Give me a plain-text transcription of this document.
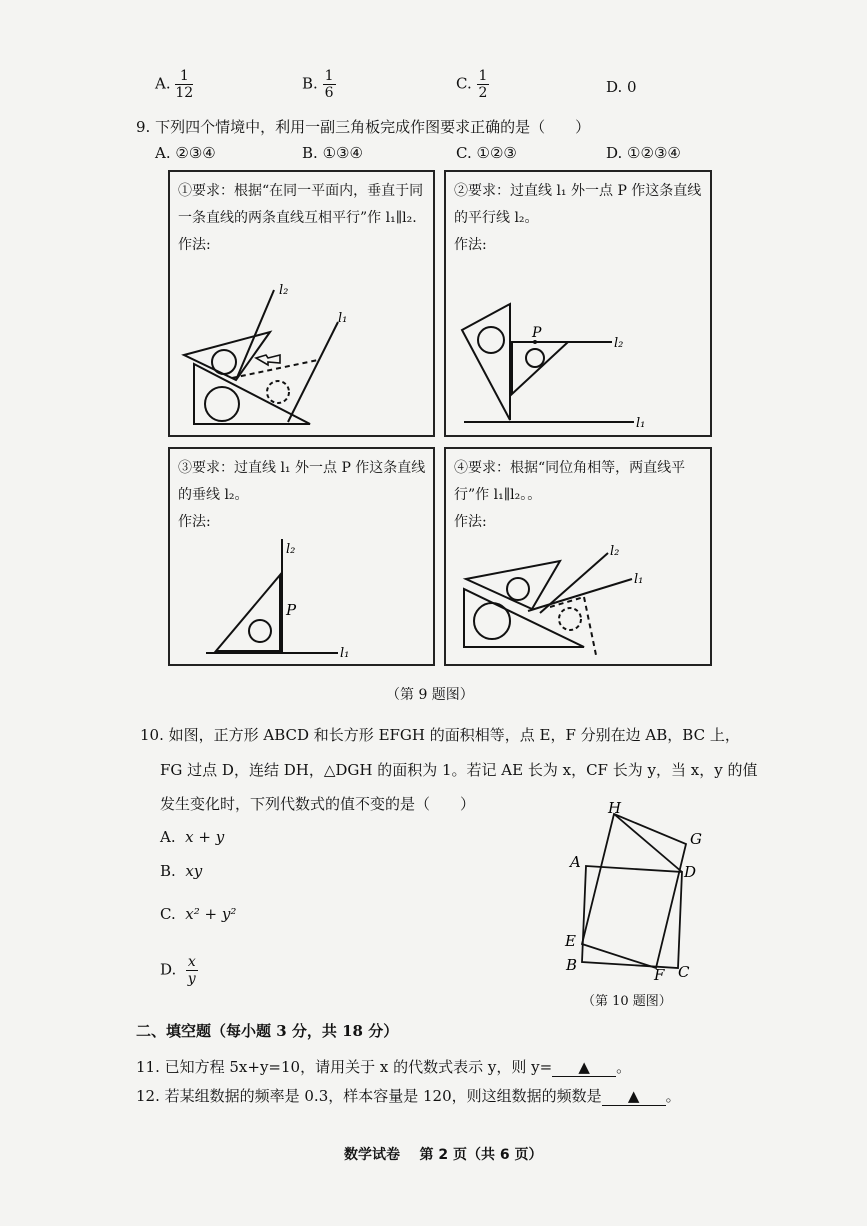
A. $\frac{1}{12}$	B. $\frac{1}{6}$	C. $\frac{1}{2}$	D. 0
9. 下列四个情境中，利用一副三角板完成作图要求正确的是（　　）
A. ②③④	B. ①③④	C. ①②③	D. ①②③④
①要求：根据“在同一平面内，垂直于同一条直线的两条直线互相平行”作 l₁∥l₂.
作法:
l₂
l₁
②要求：过直线 l₁ 外一点 P 作这条直线的平行线 l₂。
作法:
P
l₂
l₁
③要求：过直线 l₁ 外一点 P 作这条直线的垂线 l₂。
作法:
l₂
P
l₁
④要求：根据“同位角相等，两直线平行”作 l₁∥l₂。。
作法:
l₂
l₁
（第 9 题图）
10. 如图，正方形 ABCD 和长方形 EFGH 的面积相等，点 E，F 分别在边 AB，BC 上，
FG 过点 D，连结 DH，△DGH 的面积为 1。若记 AE 长为 x，CF 长为 y，当 x，y 的值
发生变化时，下列代数式的值不变的是（　　）
A. x + y
B. xy
C. x² + y²
D. $\frac{x}{y}$
H
G
A
D
E
B
F C
（第 10 题图）
二、填空题（每小题 3 分，共 18 分）
11. 已知方程 5x+y=10，请用关于 x 的代数式表示 y，则 y= ▲ 。
12. 若某组数据的频率是 0.3，样本容量是 120，则这组数据的频数是 ▲ 。
数学试卷 第 2 页（共 6 页）
